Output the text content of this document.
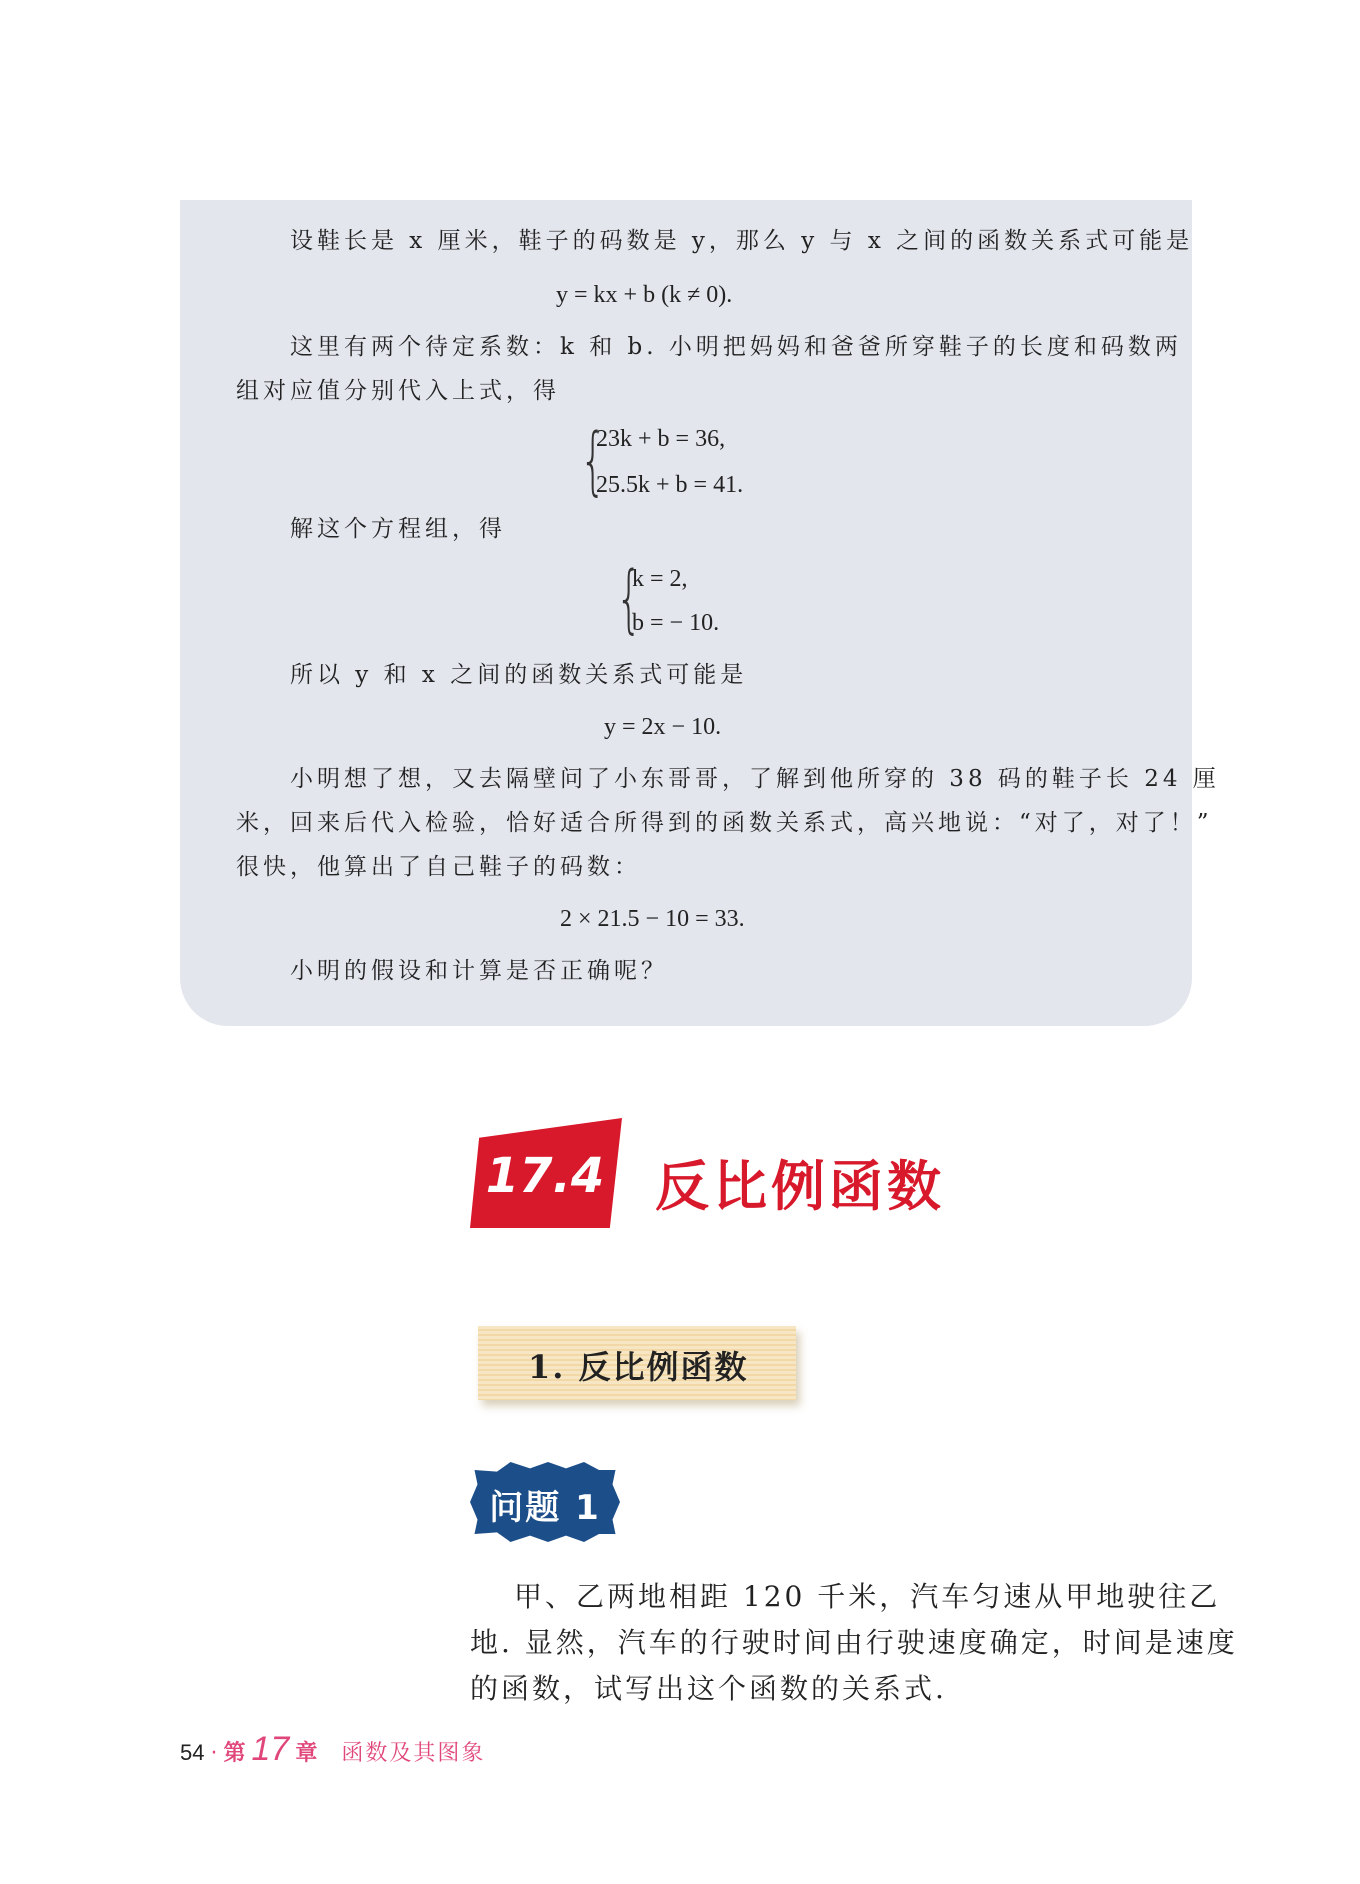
设鞋长是 x 厘米，鞋子的码数是 y，那么 y 与 x 之间的函数关系式可能是
y = kx + b (k ≠ 0).
这里有两个待定系数：k 和 b. 小明把妈妈和爸爸所穿鞋子的长度和码数两
组对应值分别代入上式，得
{
23k + b = 36,
25.5k + b = 41.
解这个方程组，得
{
k = 2,
b = − 10.
所以 y 和 x 之间的函数关系式可能是
y = 2x − 10.
小明想了想，又去隔壁问了小东哥哥，了解到他所穿的 38 码的鞋子长 24 厘
米，回来后代入检验，恰好适合所得到的函数关系式，高兴地说：“对了，对了！”
很快，他算出了自己鞋子的码数：
2 × 21.5 − 10 = 33.
小明的假设和计算是否正确呢？
17.4 反比例函数
1. 反比例函数
问题 1
甲、乙两地相距 120 千米，汽车匀速从甲地驶往乙
地. 显然，汽车的行驶时间由行驶速度确定，时间是速度
的函数，试写出这个函数的关系式.
54 · 第 17 章 函数及其图象
